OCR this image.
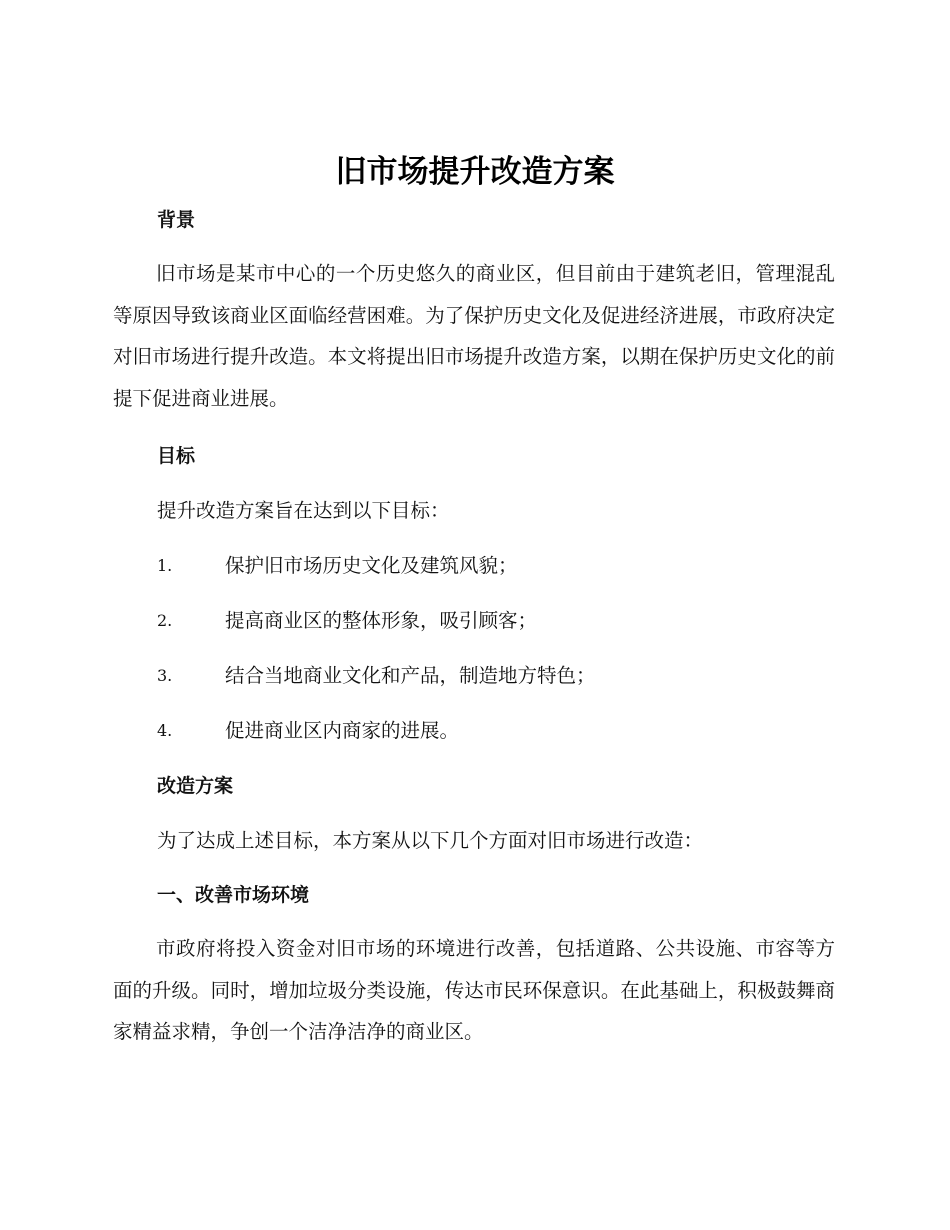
旧市场提升改造方案
背景

旧市场是某市中心的一个历史悠久的商业区，但目前由于建筑老旧，管理混乱等原因导致该商业区面临经营困难。为了保护历史文化及促进经济进展，市政府决定对旧市场进行提升改造。本文将提出旧市场提升改造方案，以期在保护历史文化的前提下促进商业进展。

目标

提升改造方案旨在达到以下目标：

1.	保护旧市场历史文化及建筑风貌；
2.	提高商业区的整体形象，吸引顾客；
3.	结合当地商业文化和产品，制造地方特色；
4.	促进商业区内商家的进展。
改造方案

为了达成上述目标，本方案从以下几个方面对旧市场进行改造：

一、改善市场环境

市政府将投入资金对旧市场的环境进行改善，包括道路、公共设施、市容等方面的升级。同时，增加垃圾分类设施，传达市民环保意识。在此基础上，积极鼓舞商家精益求精，争创一个洁净洁净的商业区。
